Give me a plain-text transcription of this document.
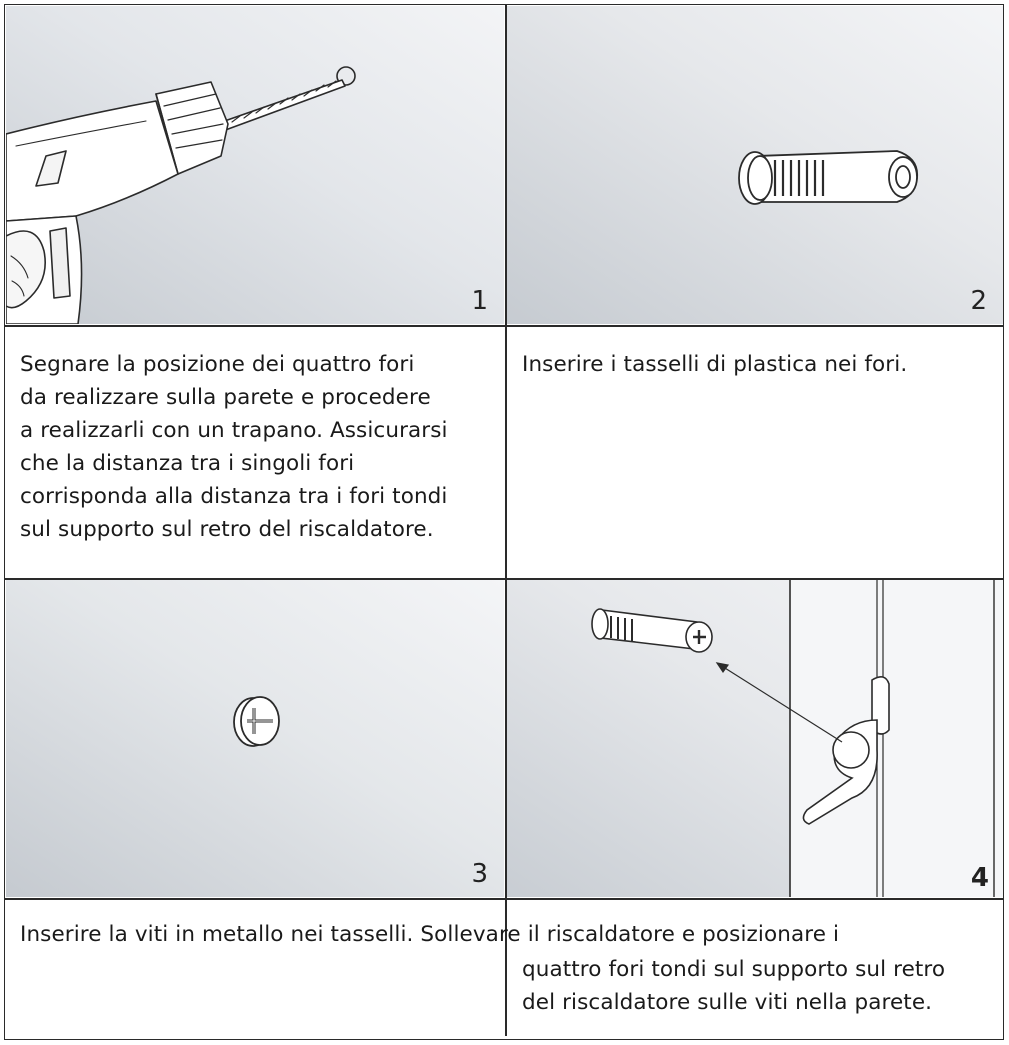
1	2
Segnare la posizione dei quattro fori
da realizzare sulla parete e procedere
a realizzarli con un trapano. Assicurarsi
che la distanza tra i singoli fori
corrisponda alla distanza tra i fori tondi
sul supporto sul retro del riscaldatore.
Inserire i tasselli di plastica nei fori.
3	4
Inserire la viti in metallo nei tasselli. Sollevare il riscaldatore e posizionare i
quattro fori tondi sul supporto sul retro
del riscaldatore sulle viti nella parete.
